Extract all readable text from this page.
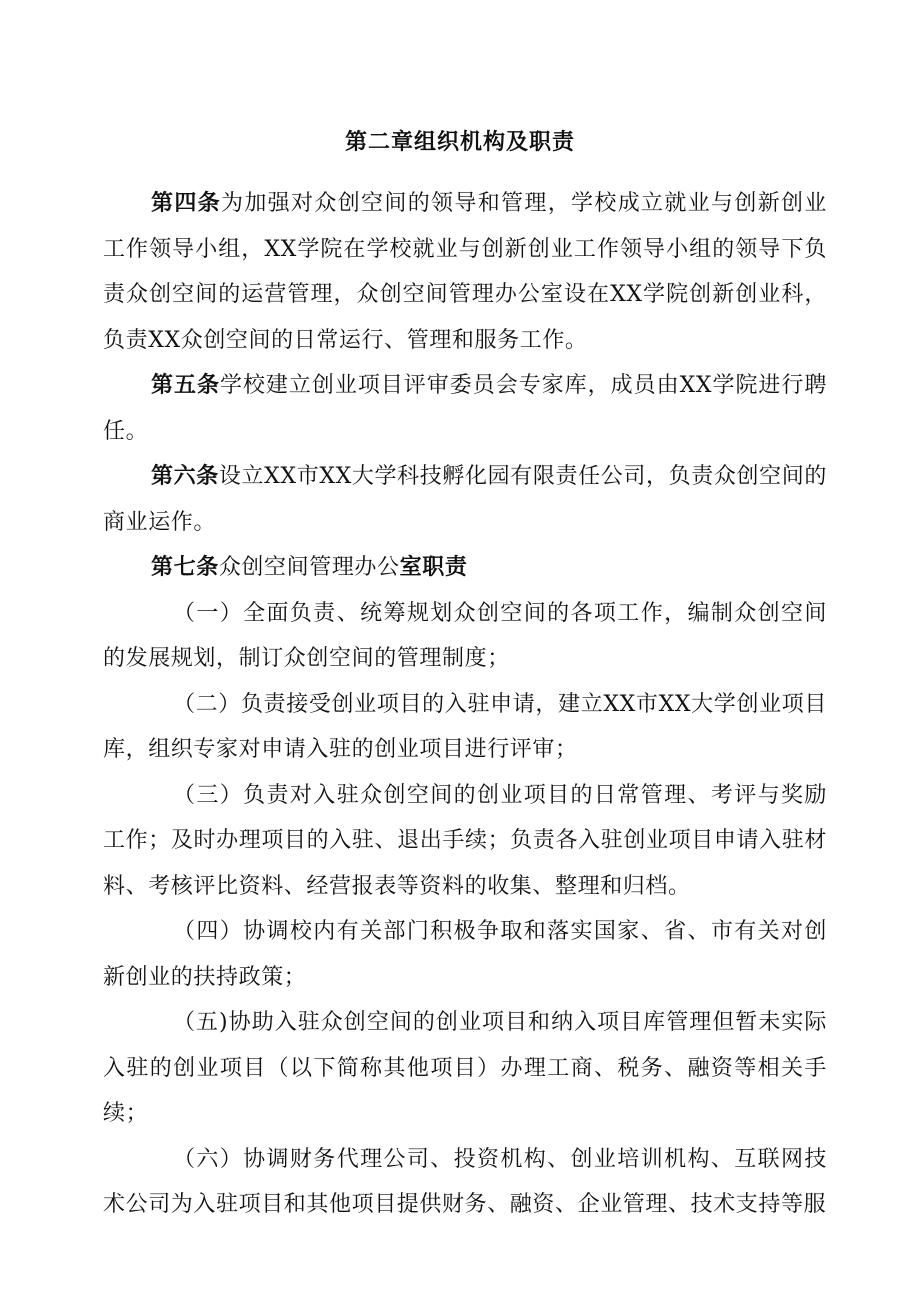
第二章组织机构及职责

第四条为加强对众创空间的领导和管理，学校成立就业与创新创业工作领导小组，XX学院在学校就业与创新创业工作领导小组的领导下负责众创空间的运营管理，众创空间管理办公室设在XX学院创新创业科，负责XX众创空间的日常运行、管理和服务工作。

第五条学校建立创业项目评审委员会专家库，成员由XX学院进行聘任。

第六条设立XX市XX大学科技孵化园有限责任公司，负责众创空间的商业运作。

第七条众创空间管理办公室职责

（一）全面负责、统筹规划众创空间的各项工作，编制众创空间的发展规划，制订众创空间的管理制度；

（二）负责接受创业项目的入驻申请，建立XX市XX大学创业项目库，组织专家对申请入驻的创业项目进行评审；

（三）负责对入驻众创空间的创业项目的日常管理、考评与奖励工作；及时办理项目的入驻、退出手续；负责各入驻创业项目申请入驻材料、考核评比资料、经营报表等资料的收集、整理和归档。

（四）协调校内有关部门积极争取和落实国家、省、市有关对创新创业的扶持政策；

（五)协助入驻众创空间的创业项目和纳入项目库管理但暂未实际入驻的创业项目（以下简称其他项目）办理工商、税务、融资等相关手续；

（六）协调财务代理公司、投资机构、创业培训机构、互联网技术公司为入驻项目和其他项目提供财务、融资、企业管理、技术支持等服
